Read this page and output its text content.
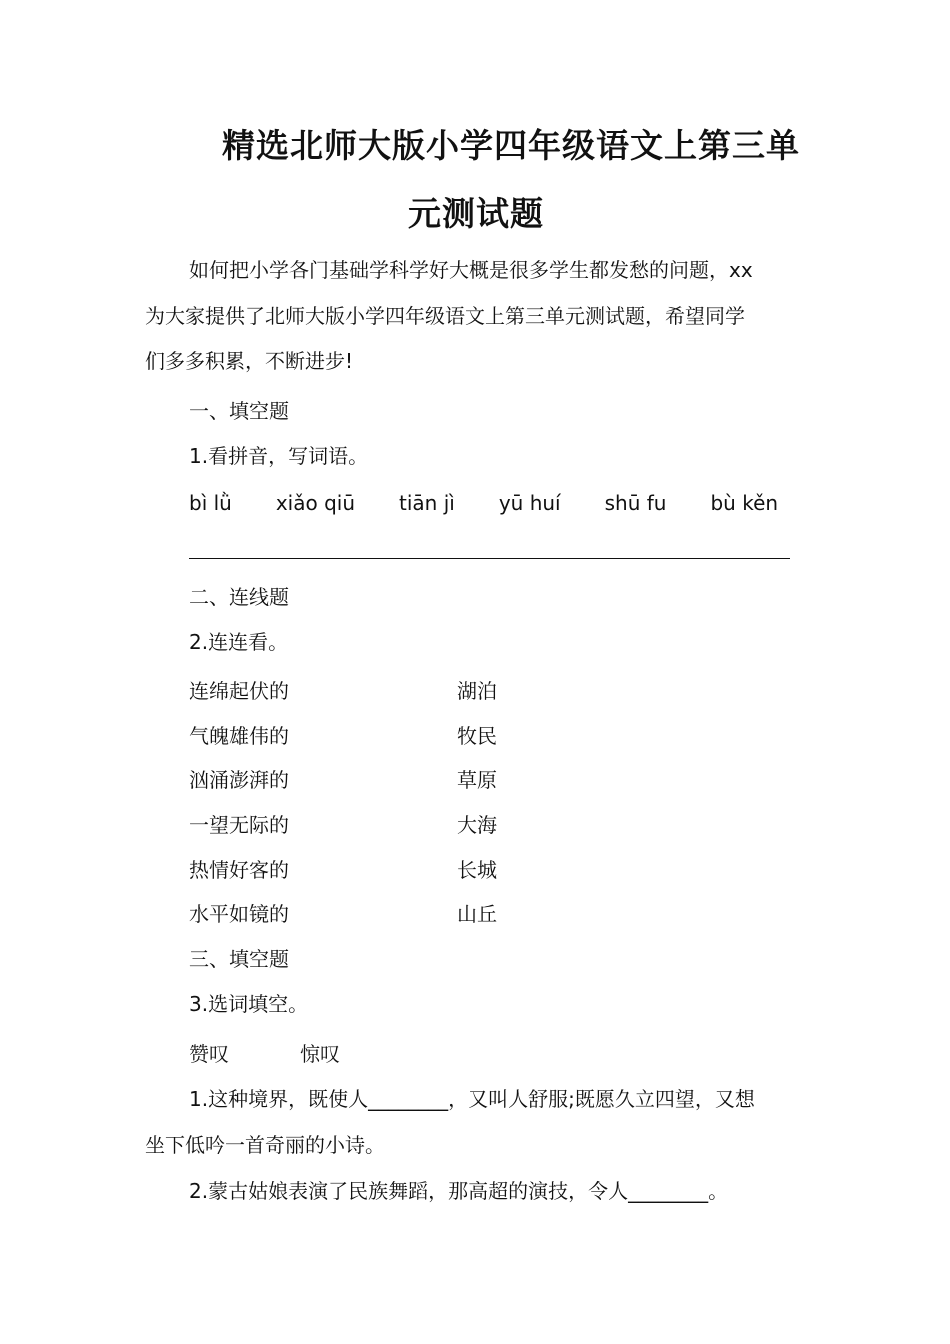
精选北师大版小学四年级语文上第三单
元测试题
如何把小学各门基础学科学好大概是很多学生都发愁的问题，xx
为大家提供了北师大版小学四年级语文上第三单元测试题，希望同学
们多多积累，不断进步!
一、填空题
1.看拼音，写词语。
bì lǜ xiǎo qiū tiān jì yū huí shū fu bù kěn
二、连线题
2.连连看。
连绵起伏的	湖泊
气魄雄伟的	牧民
汹涌澎湃的	草原
一望无际的	大海
热情好客的	长城
水平如镜的	山丘
三、填空题
3.选词填空。
赞叹	惊叹
1.这种境界，既使人________，又叫人舒服;既愿久立四望，又想
坐下低吟一首奇丽的小诗。
2.蒙古姑娘表演了民族舞蹈，那高超的演技，令人________。
